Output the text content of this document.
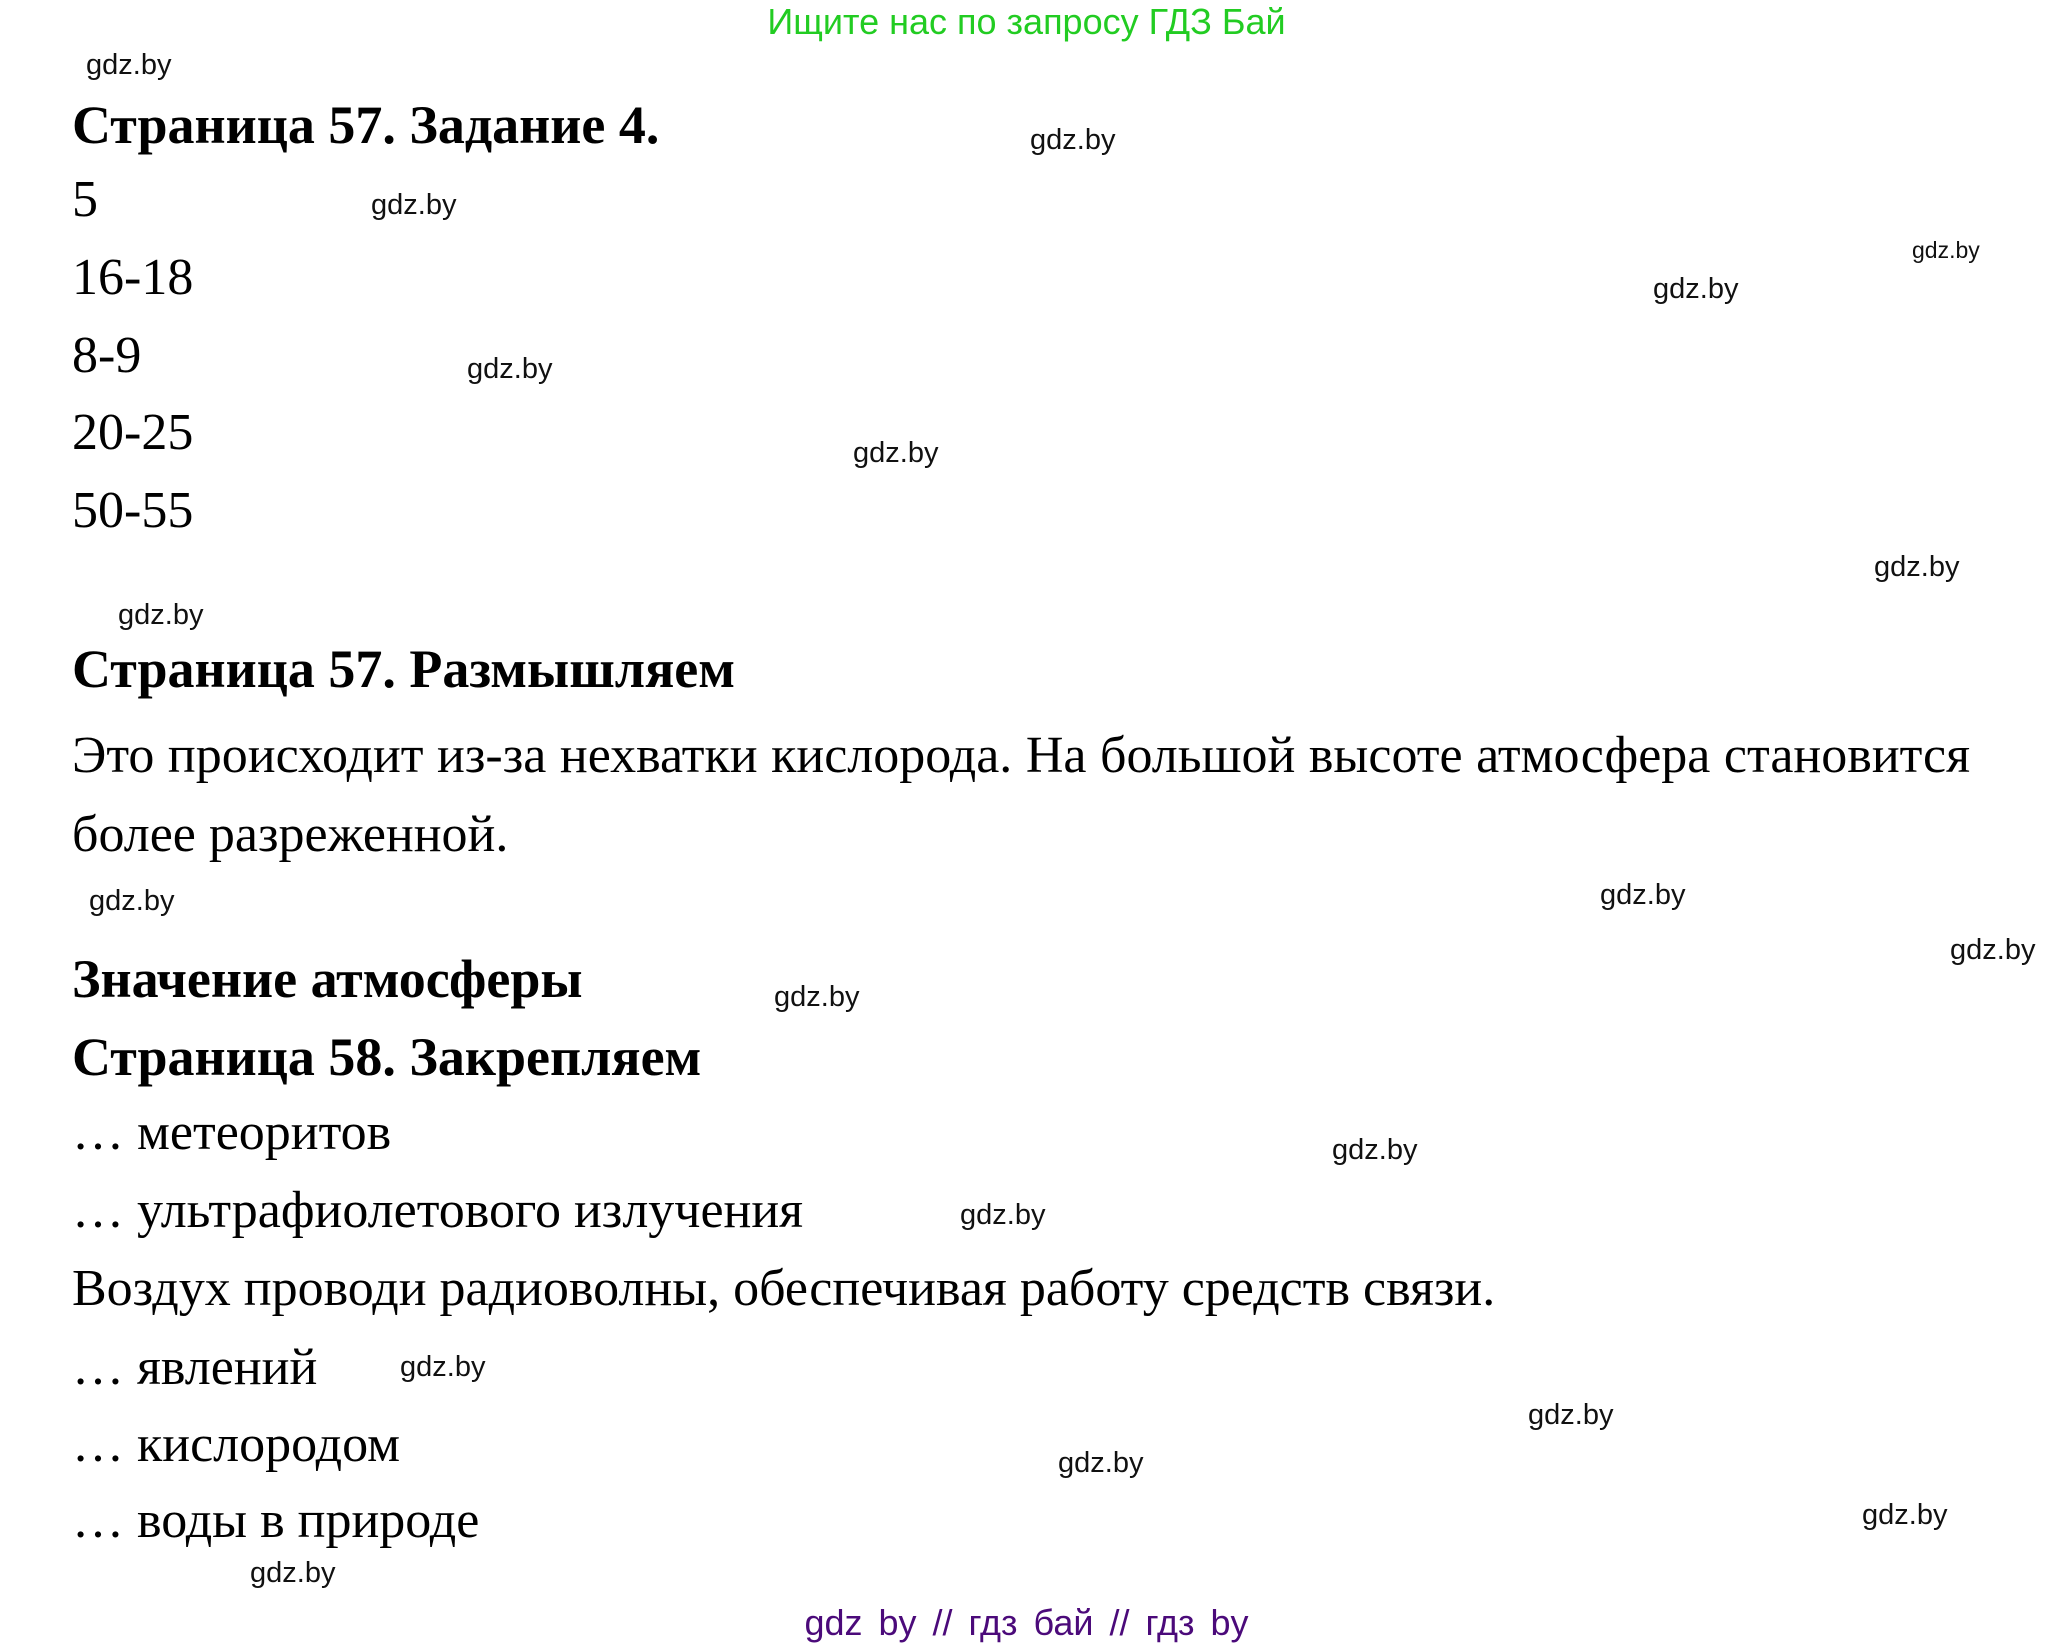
Ищите нас по запросу ГДЗ Бай
Страница 57. Задание 4.
5
16-18
8-9
20-25
50-55
Страница 57. Размышляем
Это происходит из-за нехватки кислорода. На большой высоте атмосфера становится более разреженной.
Значение атмосферы
Страница 58. Закрепляем
… метеоритов
… ультрафиолетового излучения
Воздух проводи радиоволны, обеспечивая работу средств связи.
… явлений
… кислородом
… воды в природе
gdz.by
gdz.by
gdz.by
gdz.by
gdz.by
gdz.by
gdz.by
gdz.by
gdz.by
gdz.by
gdz.by
gdz.by
gdz.by
gdz.by
gdz.by
gdz.by
gdz.by
gdz.by
gdz.by
gdz.by
gdz by // гдз бай // гдз by
